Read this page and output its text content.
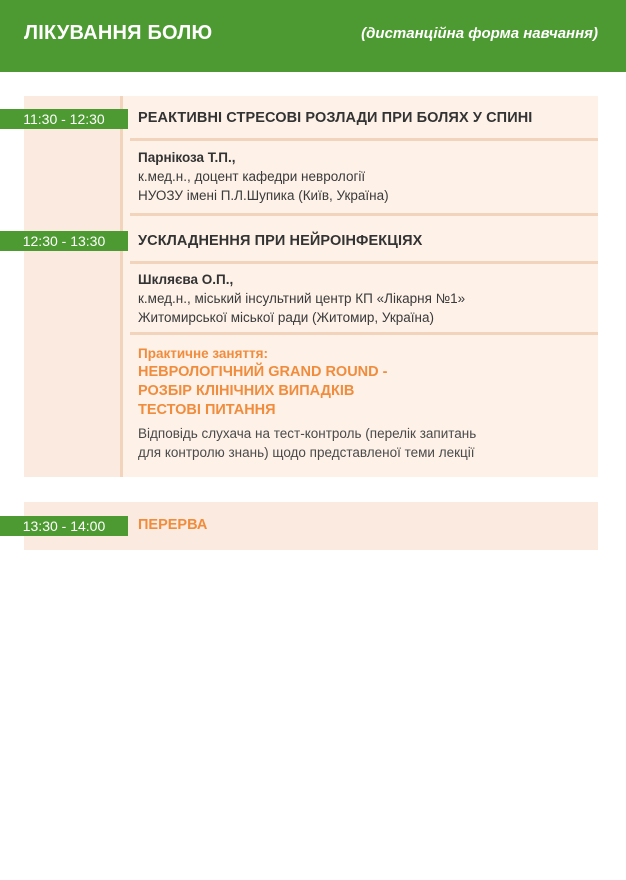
ЛІКУВАННЯ БОЛЮ	(дистанційна форма навчання)
11:30 - 12:30	РЕАКТИВНІ СТРЕСОВІ РОЗЛАДИ ПРИ БОЛЯХ У СПИНІ
Парнікоза Т.П.,
к.мед.н., доцент кафедри неврології
НУОЗУ імені П.Л.Шупика (Київ, Україна)
12:30 - 13:30	УСКЛАДНЕННЯ ПРИ НЕЙРОІНФЕКЦІЯХ
Шкляєва О.П.,
к.мед.н., міський інсультний центр КП «Лікарня №1»
Житомирської міської ради (Житомир, Україна)
Практичне заняття:
НЕВРОЛОГІЧНИЙ GRAND ROUND -
РОЗБІР КЛІНІЧНИХ ВИПАДКІВ
ТЕСТОВІ ПИТАННЯ
Відповідь слухача на тест-контроль (перелік запитань
для контролю знань) щодо представленої теми лекції
13:30 - 14:00	ПЕРЕРВА
